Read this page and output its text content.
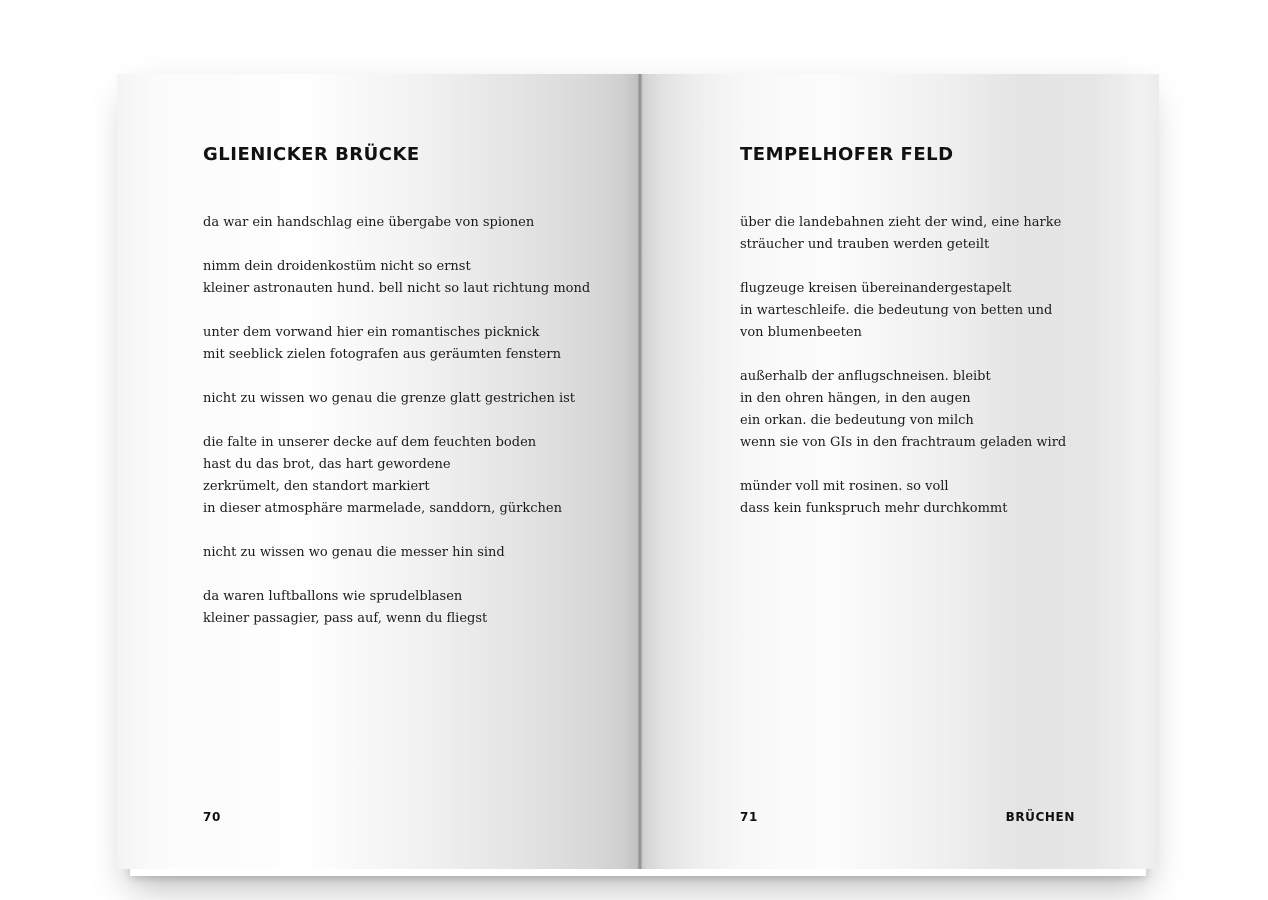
GLIENICKER BRÜCKE
da war ein handschlag eine übergabe von spionen
nimm dein droidenkostüm nicht so ernst
kleiner astronauten hund. bell nicht so laut richtung mond
unter dem vorwand hier ein romantisches picknick
mit seeblick zielen fotografen aus geräumten fenstern
nicht zu wissen wo genau die grenze glatt gestrichen ist
die falte in unserer decke auf dem feuchten boden
hast du das brot, das hart gewordene
zerkrümelt, den standort markiert
in dieser atmosphäre marmelade, sanddorn, gürkchen
nicht zu wissen wo genau die messer hin sind
da waren luftballons wie sprudelblasen
kleiner passagier, pass auf, wenn du fliegst
70
TEMPELHOFER FELD
über die landebahnen zieht der wind, eine harke
sträucher und trauben werden geteilt
flugzeuge kreisen übereinandergestapelt
in warteschleife. die bedeutung von betten und
von blumenbeeten
außerhalb der anflugschneisen. bleibt
in den ohren hängen, in den augen
ein orkan. die bedeutung von milch
wenn sie von GIs in den frachtraum geladen wird
münder voll mit rosinen. so voll
dass kein funkspruch mehr durchkommt
71	BRÜCHEN
